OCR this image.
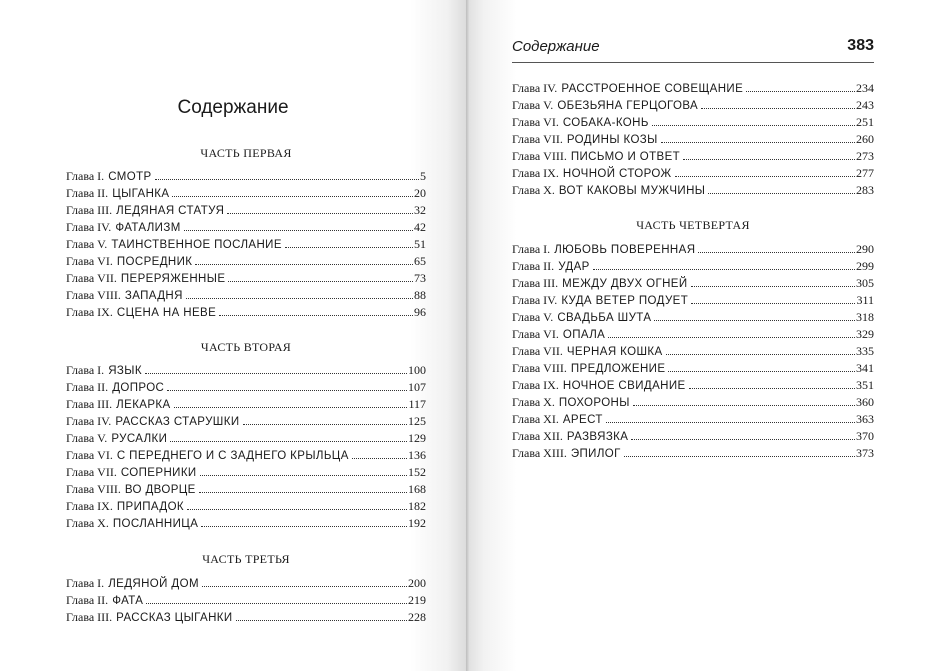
Содержание
Содержание	383
ЧАСТЬ ПЕРВАЯ
Глава I. СМОТР	5
Глава II. ЦЫГАНКА	20
Глава III. ЛЕДЯНАЯ СТАТУЯ	32
Глава IV. ФАТАЛИЗМ	42
Глава V. ТАИНСТВЕННОЕ ПОСЛАНИЕ	51
Глава VI. ПОСРЕДНИК	65
Глава VII. ПЕРЕРЯЖЕННЫЕ	73
Глава VIII. ЗАПАДНЯ	88
Глава IX. СЦЕНА НА НЕВЕ	96
ЧАСТЬ ВТОРАЯ
Глава I. ЯЗЫК	100
Глава II. ДОПРОС	107
Глава III. ЛЕКАРКА	117
Глава IV. РАССКАЗ СТАРУШКИ	125
Глава V. РУСАЛКИ	129
Глава VI. С ПЕРЕДНЕГО И С ЗАДНЕГО КРЫЛЬЦА	136
Глава VII. СОПЕРНИКИ	152
Глава VIII. ВО ДВОРЦЕ	168
Глава IX. ПРИПАДОК	182
Глава X. ПОСЛАННИЦА	192
ЧАСТЬ ТРЕТЬЯ
Глава I. ЛЕДЯНОЙ ДОМ	200
Глава II. ФАТА	219
Глава III. РАССКАЗ ЦЫГАНКИ	228
Глава IV. РАССТРОЕННОЕ СОВЕЩАНИЕ	234
Глава V. ОБЕЗЬЯНА ГЕРЦОГОВА	243
Глава VI. СОБАКА-КОНЬ	251
Глава VII. РОДИНЫ КОЗЫ	260
Глава VIII. ПИСЬМО И ОТВЕТ	273
Глава IX. НОЧНОЙ СТОРОЖ	277
Глава X. ВОТ КАКОВЫ МУЖЧИНЫ	283
ЧАСТЬ ЧЕТВЕРТАЯ
Глава I. ЛЮБОВЬ ПОВЕРЕННАЯ	290
Глава II. УДАР	299
Глава III. МЕЖДУ ДВУХ ОГНЕЙ	305
Глава IV. КУДА ВЕТЕР ПОДУЕТ	311
Глава V. СВАДЬБА ШУТА	318
Глава VI. ОПАЛА	329
Глава VII. ЧЕРНАЯ КОШКА	335
Глава VIII. ПРЕДЛОЖЕНИЕ	341
Глава IX. НОЧНОЕ СВИДАНИЕ	351
Глава X. ПОХОРОНЫ	360
Глава XI. АРЕСТ	363
Глава XII. РАЗВЯЗКА	370
Глава XIII. ЭПИЛОГ	373
